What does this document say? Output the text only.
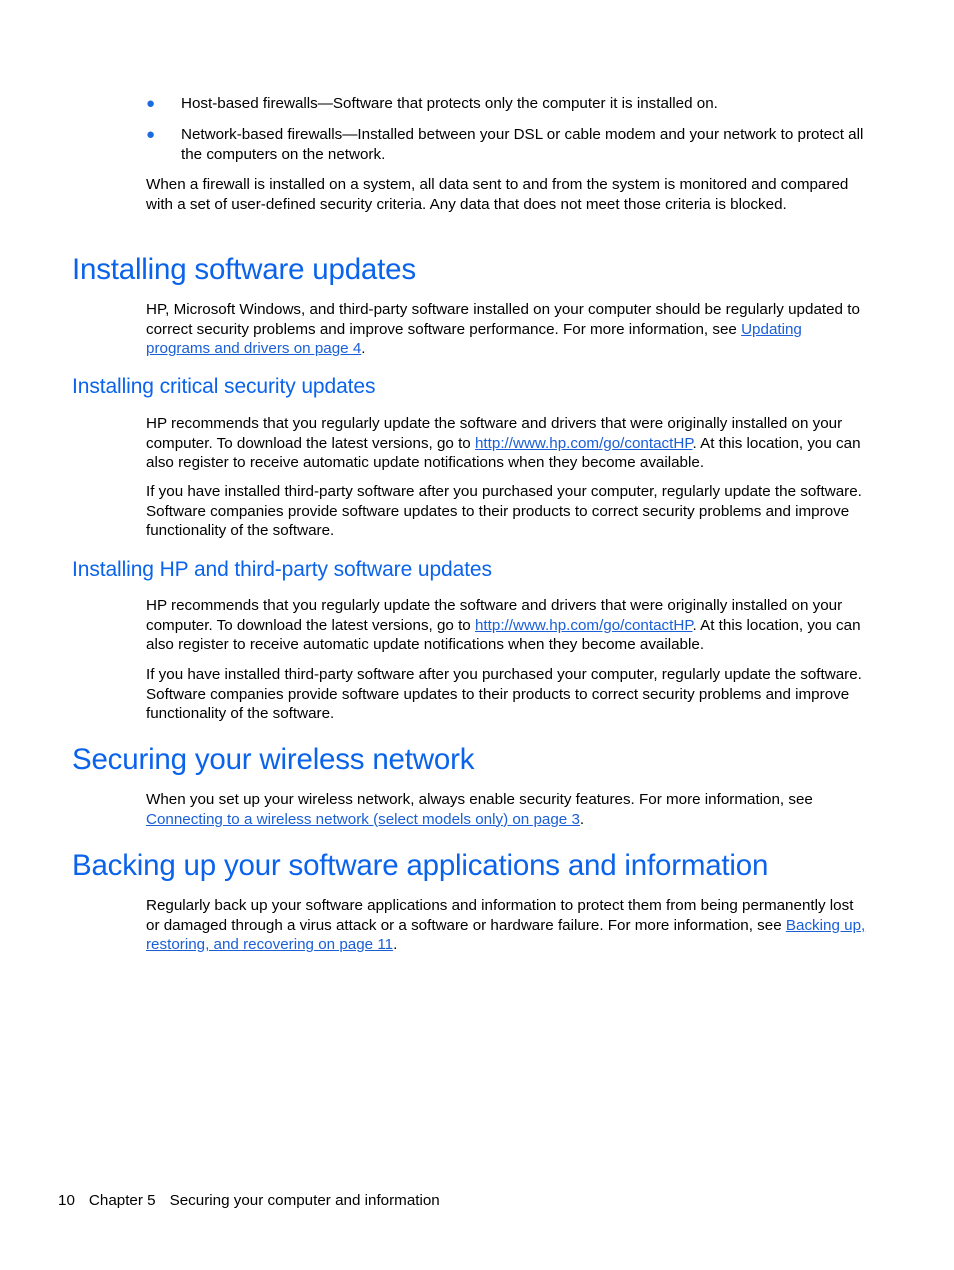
● Host-based firewalls—Software that protects only the computer it is installed on.
● Network-based firewalls—Installed between your DSL or cable modem and your network to protect all the computers on the network.

When a firewall is installed on a system, all data sent to and from the system is monitored and compared with a set of user-defined security criteria. Any data that does not meet those criteria is blocked.

Installing software updates

HP, Microsoft Windows, and third-party software installed on your computer should be regularly updated to correct security problems and improve software performance. For more information, see Updating programs and drivers on page 4.

Installing critical security updates

HP recommends that you regularly update the software and drivers that were originally installed on your computer. To download the latest versions, go to http://www.hp.com/go/contactHP. At this location, you can also register to receive automatic update notifications when they become available.

If you have installed third-party software after you purchased your computer, regularly update the software. Software companies provide software updates to their products to correct security problems and improve functionality of the software.

Installing HP and third-party software updates

HP recommends that you regularly update the software and drivers that were originally installed on your computer. To download the latest versions, go to http://www.hp.com/go/contactHP. At this location, you can also register to receive automatic update notifications when they become available.

If you have installed third-party software after you purchased your computer, regularly update the software. Software companies provide software updates to their products to correct security problems and improve functionality of the software.

Securing your wireless network

When you set up your wireless network, always enable security features. For more information, see Connecting to a wireless network (select models only) on page 3.

Backing up your software applications and information

Regularly back up your software applications and information to protect them from being permanently lost or damaged through a virus attack or a software or hardware failure. For more information, see Backing up, restoring, and recovering on page 11.

10 Chapter 5 Securing your computer and information
